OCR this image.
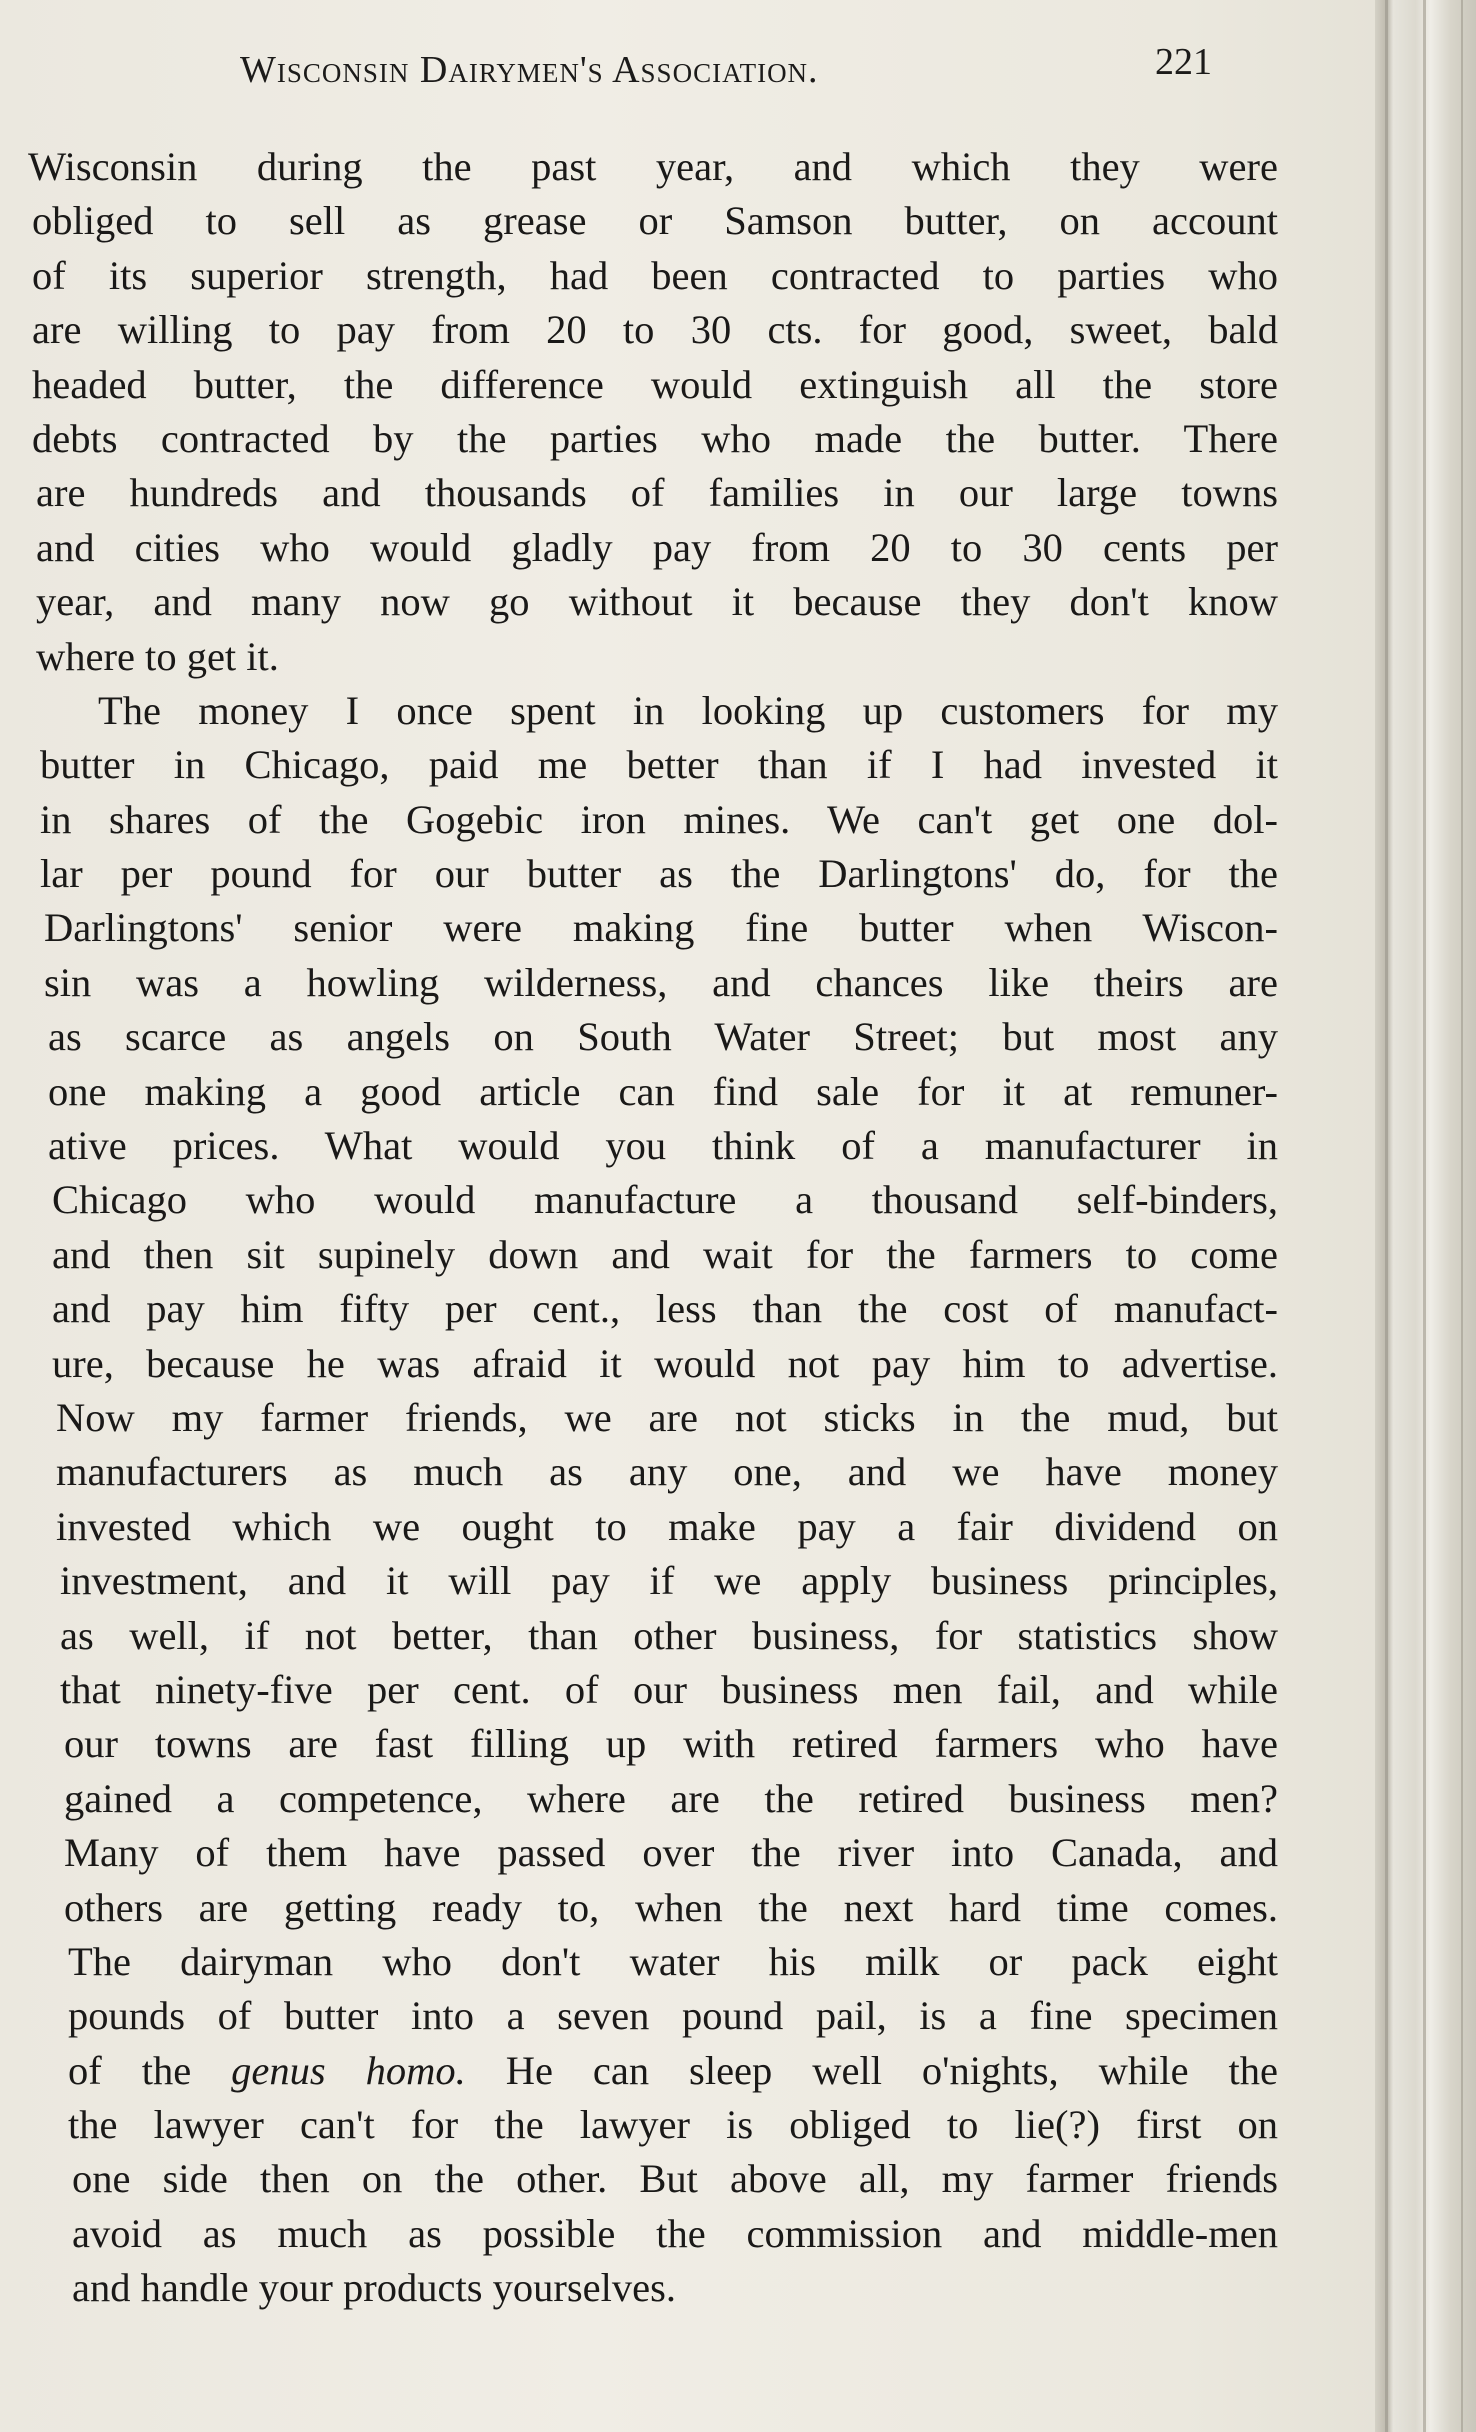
Wisconsin Dairymen's Association.	221
Wisconsin during the past year, and which they were
obliged to sell as grease or Samson butter, on account
of its superior strength, had been contracted to parties who
are willing to pay from 20 to 30 cts. for good, sweet, bald
headed butter, the difference would extinguish all the store
debts contracted by the parties who made the butter. There
are hundreds and thousands of families in our large towns
and cities who would gladly pay from 20 to 30 cents per
year, and many now go without it because they don't know
where to get it.
The money I once spent in looking up customers for my
butter in Chicago, paid me better than if I had invested it
in shares of the Gogebic iron mines. We can't get one dol-
lar per pound for our butter as the Darlingtons' do, for the
Darlingtons' senior were making fine butter when Wiscon-
sin was a howling wilderness, and chances like theirs are
as scarce as angels on South Water Street; but most any
one making a good article can find sale for it at remuner-
ative prices. What would you think of a manufacturer in
Chicago who would manufacture a thousand self-binders,
and then sit supinely down and wait for the farmers to come
and pay him fifty per cent., less than the cost of manufact-
ure, because he was afraid it would not pay him to advertise.
Now my farmer friends, we are not sticks in the mud, but
manufacturers as much as any one, and we have money
invested which we ought to make pay a fair dividend on
investment, and it will pay if we apply business principles,
as well, if not better, than other business, for statistics show
that ninety-five per cent. of our business men fail, and while
our towns are fast filling up with retired farmers who have
gained a competence, where are the retired business men?
Many of them have passed over the river into Canada, and
others are getting ready to, when the next hard time comes.
The dairyman who don't water his milk or pack eight
pounds of butter into a seven pound pail, is a fine specimen
of the genus homo. He can sleep well o'nights, while the
the lawyer can't for the lawyer is obliged to lie(?) first on
one side then on the other. But above all, my farmer friends
avoid as much as possible the commission and middle-men
and handle your products yourselves.
